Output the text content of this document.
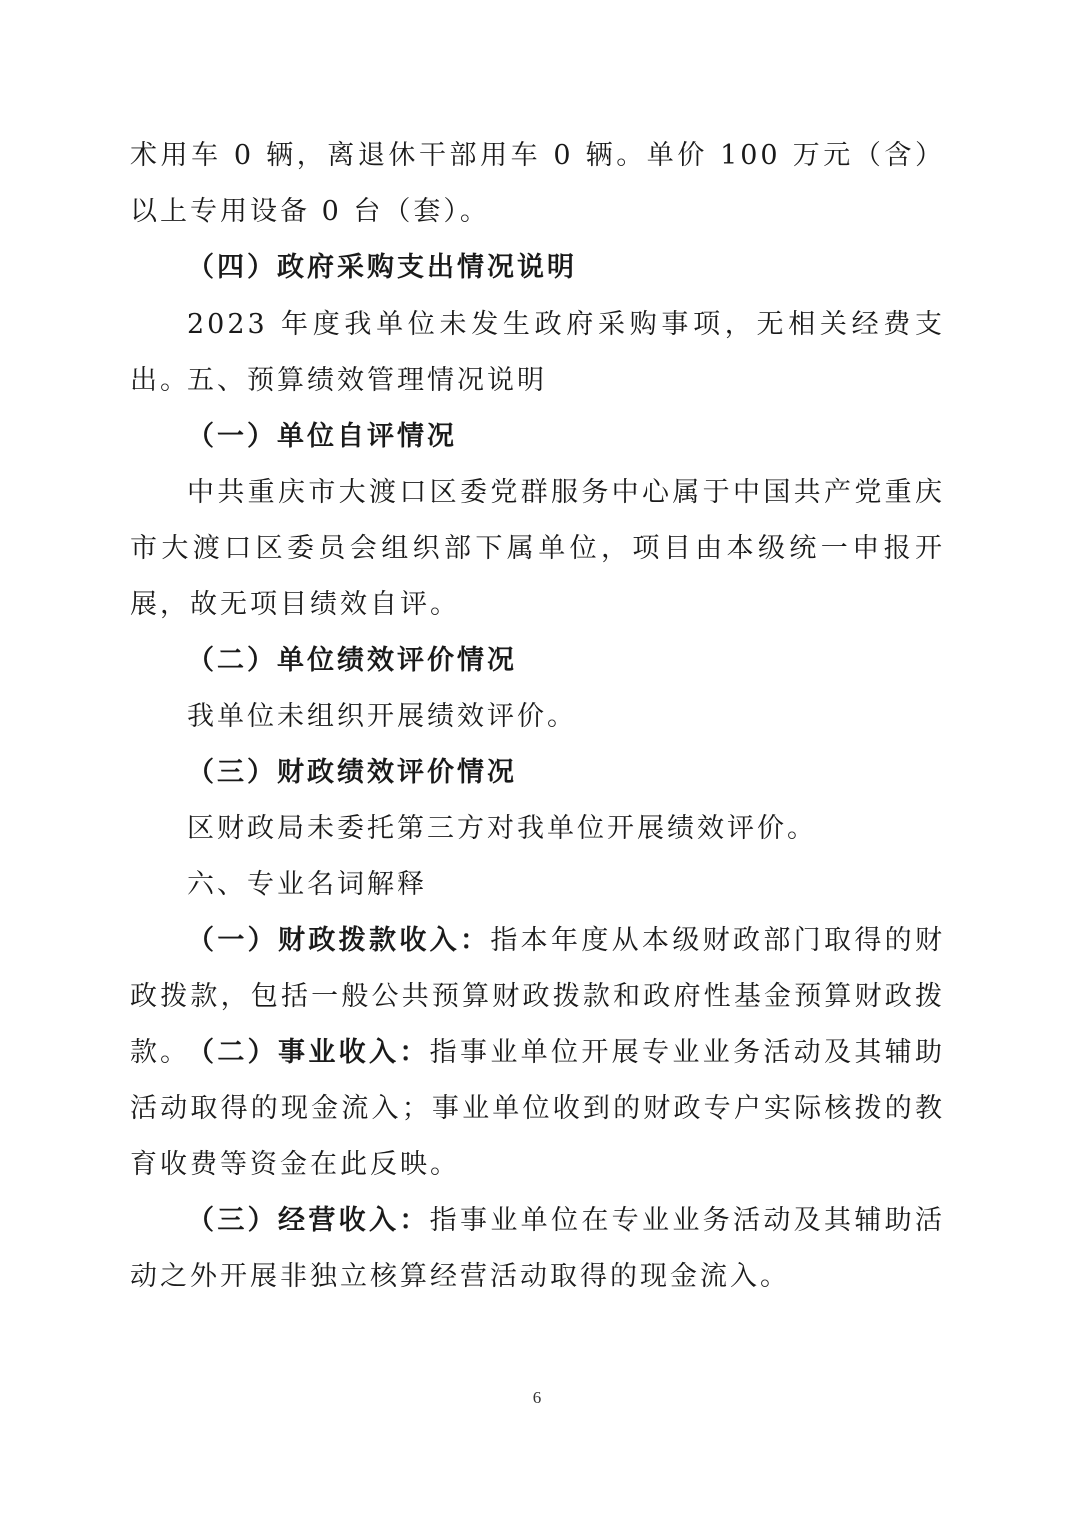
术用车 0 辆，离退休干部用车 0 辆。单价 100 万元（含）以上专用设备 0 台（套）。

（四）政府采购支出情况说明

2023 年度我单位未发生政府采购事项，无相关经费支出。

五、预算绩效管理情况说明

（一）单位自评情况

中共重庆市大渡口区委党群服务中心属于中国共产党重庆市大渡口区委员会组织部下属单位，项目由本级统一申报开展，故无项目绩效自评。

（二）单位绩效评价情况

我单位未组织开展绩效评价。

（三）财政绩效评价情况

区财政局未委托第三方对我单位开展绩效评价。

六、专业名词解释

（一）财政拨款收入：指本年度从本级财政部门取得的财政拨款，包括一般公共预算财政拨款和政府性基金预算财政拨款。

（二）事业收入：指事业单位开展专业业务活动及其辅助活动取得的现金流入；事业单位收到的财政专户实际核拨的教育收费等资金在此反映。

（三）经营收入：指事业单位在专业业务活动及其辅助活动之外开展非独立核算经营活动取得的现金流入。

6
